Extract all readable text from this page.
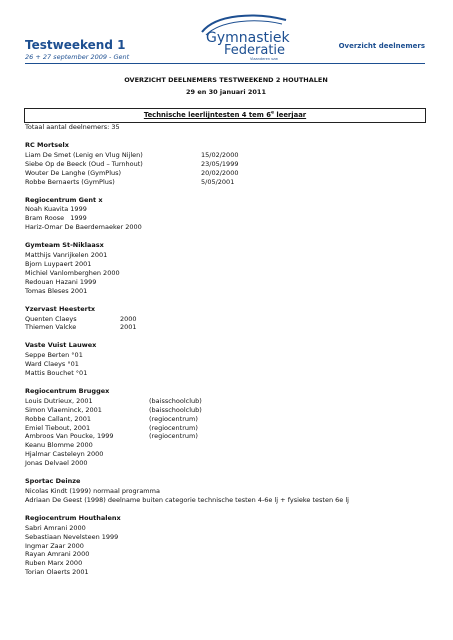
Testweekend 1
26 + 27 september 2009 - Gent
Gymnastiek
Federatie
Vlaanderen vzw
Overzicht deelnemers
OVERZICHT DEELNEMERS TESTWEEKEND 2 HOUTHALEN
29 en 30 januari 2011
Technische leerlijntesten 4 tem 6e leerjaar
Totaal aantal deelnemers: 35
RC Mortselx
Liam De Smet (Lenig en Vlug Nijlen)	15/02/2000
Siebe Op de Beeck (Oud – Turnhout)	23/05/1999
Wouter De Langhe (GymPlus)	20/02/2000
Robbe Bernaerts (GymPlus)	5/05/2001
Regiocentrum Gent x
Noah Kuavita 1999
Bram Roose   1999
Hariz-Omar De Baerdemaeker 2000
Gymteam St-Niklaasx
Matthijs Vanrijkelen 2001
Bjorn Luypaert 2001
Michiel Vanlomberghen 2000
Redouan Hazani 1999
Tomas Bleses 2001
Yzervast Heestertx
Quenten Claeys	2000
Thiemen Valcke	2001
Vaste Vuist Lauwex
Seppe Berten °01
Ward Claeys °01
Mattis Bouchet °01
Regiocentrum Bruggex
Louis Dutrieux, 2001	(baisschoolclub)
Simon Vlaeminck, 2001	(baisschoolclub)
Robbe Callant, 2001	(regiocentrum)
Emiel Tiebout, 2001	(regiocentrum)
Ambroos Van Poucke, 1999	(regiocentrum)
Keanu Blomme 2000
Hjalmar Casteleyn 2000
Jonas Delvael 2000
Sportac Deinze
Nicolas Kindt (1999) normaal programma
Adriaan De Geest (1998) deelname buiten categorie technische testen 4-6e lj + fysieke testen 6e lj
Regiocentrum Houthalenx
Sabri Amrani 2000
Sebastiaan Nevelsteen 1999
Ingmar Zaar 2000
Rayan Amrani 2000
Ruben Marx 2000
Torian Olaerts 2001
